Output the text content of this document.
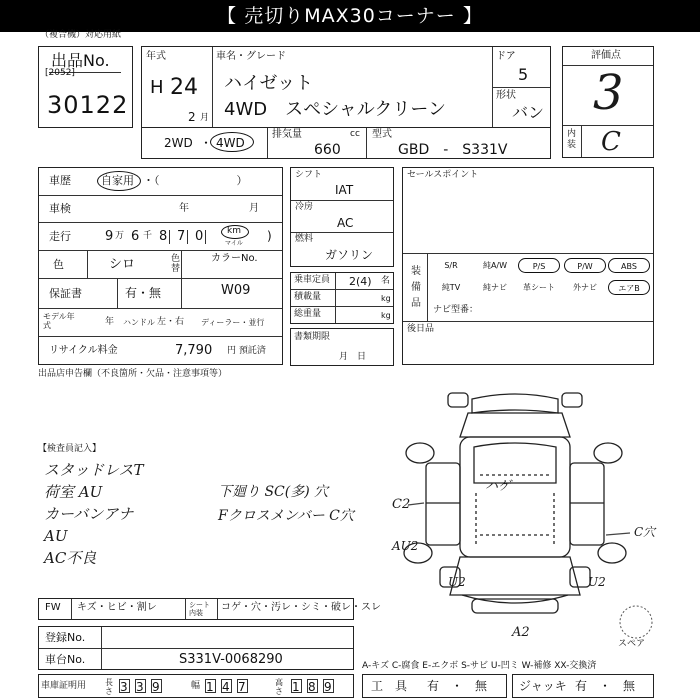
【 売切りMAX30コーナー 】
（複合機）対応用紙
出品No.
[2052]
30122
年式
H 24
2 月
車名・グレード
ハイゼット
4WD　スペシャルクリーン
ドア
5
形状
バン
2WD ・ 4WD
排気量	cc
660
型式
GBD　-　S331V
評価点
3
内装 C
車歴	自家用 ・（　　　　　　　）
車検	年	月
走行	9 万 6 千 8 7 0	km
マイル
)
色	シロ	色替
カラーNo.
保証書	有・無	W09
モデル年式	年 ハンドル 左・右 ディーラー・並行
リサイクル料金	7,790 円 預託済
シフト
IAT
冷房
AC
燃料
ガソリン
乗車定員 2(4) 名
積載量	kg
総重量	kg
書類期限
月　日
セールスポイント
装備品
後日品
ナビ型番：
S/R	純A/W	P/S	P/W	ABS
純TV	純ナビ	革シート	外ナビ	エアB
出品店申告欄（不良箇所・欠品・注意事項等）
【検査員記入】
スタッドレスT
荷室 AU
カーバンアナ
AU
AC不良
下廻り SC(多) 穴
Fクロスメンバー C穴
ハゲ
C2
AU2
C穴
U2	U2
A2
スペア
FW キズ・ヒビ・割レ	シート内装	コゲ・穴・汚レ・シミ・破レ・スレ
登録No.
車台No.	S331V-0068290	A-キズ C-腐食 E-エクボ S-サビ U-凹ミ W-補修 XX-交換済
車庫証明用 長さ 3 3 9	幅 1 4 7	高さ 1 8 9	工　具 有　・　無	ジャッキ 有　・　無
